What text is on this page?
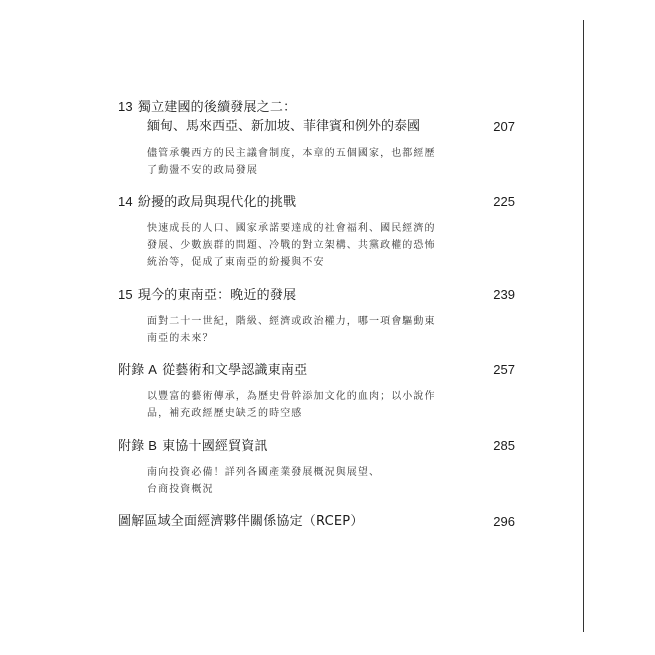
13 獨立建國的後續發展之二：
緬甸、馬來西亞、新加坡、菲律賓和例外的泰國	207
儘管承襲西方的民主議會制度，本章的五個國家，也都經歷
了動盪不安的政局發展
14 紛擾的政局與現代化的挑戰	225
快速成長的人口、國家承諾要達成的社會福利、國民經濟的
發展、少數族群的問題、冷戰的對立架構、共黨政權的恐怖
統治等，促成了東南亞的紛擾與不安
15 現今的東南亞：晚近的發展	239
面對二十一世紀，階級、經濟或政治權力，哪一項會驅動東
南亞的未來？
附錄 A 從藝術和文學認識東南亞	257
以豐富的藝術傳承，為歷史骨幹添加文化的血肉；以小說作
品，補充政經歷史缺乏的時空感
附錄 B 東協十國經貿資訊	285
南向投資必備！詳列各國產業發展概況與展望、
台商投資概況
圖解區域全面經濟夥伴關係協定（RCEP）	296
